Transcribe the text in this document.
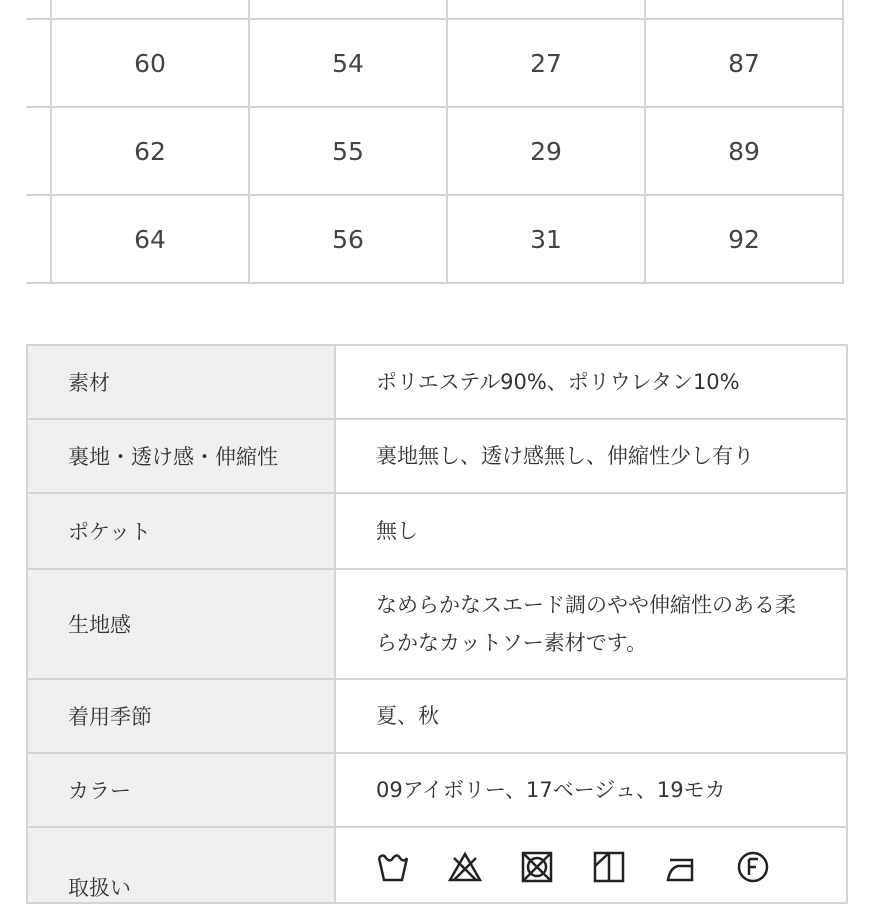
	60	54	27	87
	62	55	29	89
	64	56	31	92
素材	ポリエステル90%、ポリウレタン10%
裏地・透け感・伸縮性	裏地無し、透け感無し、伸縮性少し有り
ポケット	無し
生地感	なめらかなスエード調のやや伸縮性のある柔らかなカットソー素材です。
着用季節	夏、秋
カラー	09アイボリー、17ベージュ、19モカ
取扱い	
